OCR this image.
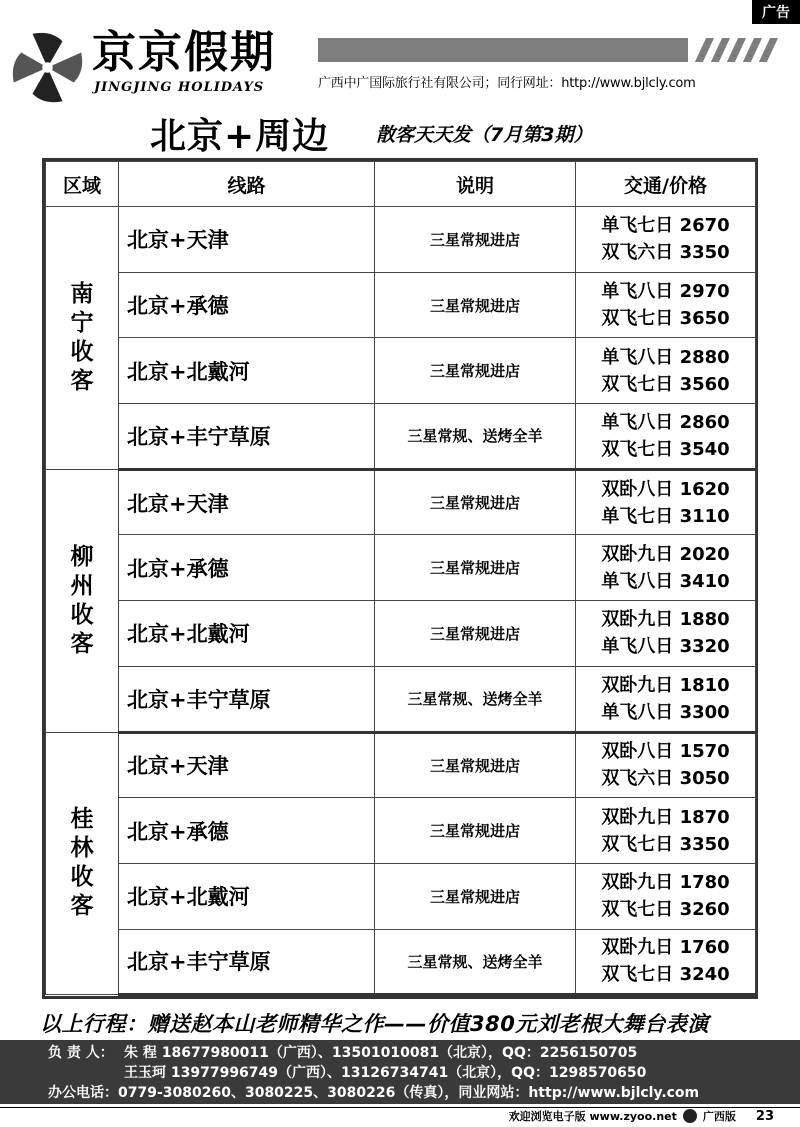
广告
京京假期
JINGJING HOLIDAYS	广西中广国际旅行社有限公司；同行网址：http://www.bjlcly.com
北京+周边 散客天天发（7月第3期）
区域	线路	说明	交通/价格
南宁收客	北京+天津	三星常规进店	单飞七日 2670
双飞六日 3350

	北京+承德	三星常规进店	单飞八日 2970
双飞七日 3650

	北京+北戴河	三星常规进店	单飞八日 2880
双飞七日 3560

	北京+丰宁草原	三星常规、送烤全羊	单飞八日 2860
双飞七日 3540

柳州收客	北京+天津	三星常规进店	双卧八日 1620
单飞七日 3110

	北京+承德	三星常规进店	双卧九日 2020
单飞八日 3410

	北京+北戴河	三星常规进店	双卧九日 1880
单飞八日 3320

	北京+丰宁草原	三星常规、送烤全羊	双卧九日 1810
单飞八日 3300

桂林收客	北京+天津	三星常规进店	双卧八日 1570
双飞六日 3050

	北京+承德	三星常规进店	双卧九日 1870
双飞七日 3350

	北京+北戴河	三星常规进店	双卧九日 1780
双飞七日 3260

	北京+丰宁草原	三星常规、送烤全羊	双卧九日 1760
双飞七日 3240
以上行程：赠送赵本山老师精华之作——价值380元刘老根大舞台表演
负 责 人： 朱 程 18677980011（广西）、13501010081（北京），QQ：2256150705
王玉珂 13977996749（广西）、13126734741（北京），QQ：1298570650
办公电话：0779-3080260、3080225、3080226（传真），同业网站：http://www.bjlcly.com
欢迎浏览电子版 www.zyoo.net 广西版 23
